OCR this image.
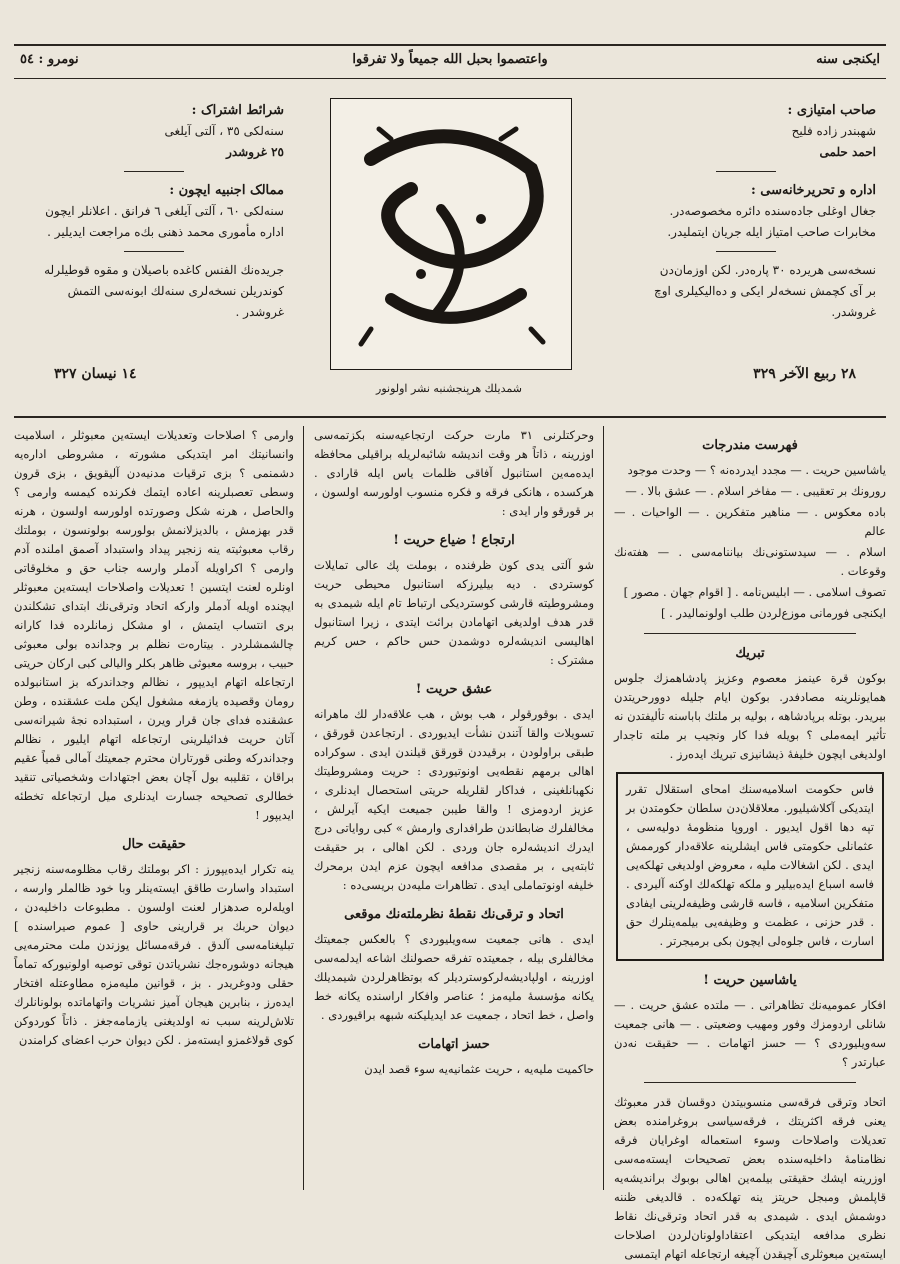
ایکنجی سنه
واعتصموا بحبل الله جمیعاً ولا تفرقوا
نومرو : ٥٤
صاحب امتیازی :
شهبندر زاده فلیح
احمد حلمی
اداره و تحریرخانه‌سی :
جغال اوغلی جاده‌سنده دائره مخصوصه‌در.
مخابرات صاحب امتیاز ایله جریان ایتملیدر.
نسخه‌سی هریرده ٣٠ پاره‌در. لکن اوزمان‌دن
بر آی کچمش نسخه‌لر ایکی و ده‌الیکیلری اوچ
غروشدر.
شمدیلك هرپنجشنبه نشر اولونور
شرائط اشتراک :
سنه‌لکی ٣٥ ، آلتی آیلغی
٢٥ غروشدر
ممالک اجنبیه ایچون :
سنه‌لکی ٦٠ ، آلتی آیلغی ٦ فرانق . اعلانلر ایچون
اداره مأمورى محمد ذهنی بك‌ه مراجعت ایدیلیر .
جریده‌نك الفنس کاغده باصیلان و مقوه قوطیلرله
کوندریلن نسخه‌لری سنه‌لك ابونه‌سی التمش
غروشدر .
٢٨ ربیع الآخر ٣٢٩
١٤ نیسان ٣٢٧
فهرست مندرجات
یاشاسین حریت . — مجدد ایدرده‌نه ؟ — وحدت موجود
رورونك بر تعقیبی . — مفاخر اسلام . — عشق بالا . —
باده معکوس . — مناهیر متفکرین . — الواحیات . — عالم
اسلام . — سیدستونی‌نك بیاننامه‌سی . — هفته‌نك وقوعات .
تصوف اسلامی . — ابلیس‌نامه . [ اقوام جهان . مصور ]
ایکنجی فورمانی موزع‌لردن طلب اولونمالیدر . ]
تبریك
بوکون قرة عینمز معصوم وعزیز پادشاهمزك جلوس همایونلرینه مصادفدر. بوکون ایام جلیله دوورحریتدن بیریدر. بوتله برپادشاهه ، بولیه بر ملتك باباسنه تألیفتدن نه تأثیر ایمه‌ملی ؟ بویله فدا کار ونجیب بر ملته تاجدار اولدیغی ایچون خلیفهٔ ذیشانیزی تبریك ایده‌رز .
فاس حکومت اسلامیه‌سنك امحای استقلال تقرر ایتدیکی آکلاشیلیور. معلاقلان‌دن سلطان حکومتدن بر تپه دها اقول ایدیور . اوروپا منظومهٔ دولیه‌سی ، عثمانلی حکومتی فاس ایشلرینه علاقه‌دار کورممش ایدی . لکن اشغالات ملیه ، معروض اولدیغی تهلکه‌یی فاسه اسباع ایده‌بیلیر و ملکه تهلکه‌لك اوکنه آلیردی . متفکرین اسلامیه ، فاسه قارشی وظیفه‌لرینی ایفادی . قدر حزنی ، عظمت و وظیفه‌یی بیلمه‌ینلرك حق اسارت ، فاس جلوه‌لی ایچون بکی برمیجرتر .
یاشاسین حریت !
افکار عمومیه‌نك تظاهراتی . — ملتده عشق حریت . — شانلی اردومزك وفور ومهیب وضعیتی . — هانی جمعیت سه‌ویلیوردی ؟ — حسز اتهامات . — حقیقت نه‌دن عبارتدر ؟
اتحاد وترقی فرقه‌سی منسوبیتدن دوقسان قدر معبوثك یعنی فرقه اکثریتك ، فرقه‌سیاسی بروغرامنده بعض تعدیلات واصلاحات وسوء استعماله اوغرایان فرقه نظامنامهٔ داخلیه‌سنده بعض تصحیحات ایسته‌مه‌سی اوزرینه ایشك حقیقتی بیلمه‌ین اهالی بوبوك براندیشه‌یه قاپلمش ومبجل حریتز ینه تهلکه‌ده . قالدیغی ظننه دوشمش ایدی . شیمدی به قدر اتحاد وترقی‌نك نقاط نظری مدافعه ایتدیکی اعتقاداولونان‌لردن اصلاحات ایسته‌ین مبعوثلری آچیقدن آچیغه ارتجاعله اتهام ایتمسی
وحرکتلرنی ٣١ مارت حرکت ارتجاعیه‌سنه بکزتمه‌سی اوزرینه ، ذاتاً هر وقت اندیشه شائبه‌لریله براقیلی محافظه ایده‌مه‌ین استانبول آفاقی ظلمات یاس ایله قارادی . هرکسده ، هانکی فرقه و فکره منسوب اولورسه اولسون ، بر قورقو وار ایدی :
ارتجاع ! ضیاع حریت !
شو آلتی یدی کون ظرفنده ، بوملت پك عالی تمایلات کوستردی . دیه بیلیرزکه استانبول محیطی حریت ومشروطیته قارشی کوستردیکی ارتباط تام ایله شیمدی به قدر هدف اولدیغی اتهامادن برائت ایتدی ، زیرا استانبول اهالیسی اندیشه‌لره دوشمدن حس حاکم ، حس کریم مشترک :
عشق حریت !
ایدی . بوقورقولر ، هب بوش ، هب علاقه‌دار لك ماهرانه تسویلات والقا آتندن نشأت ایدیوردی . ارتجاعدن قورقق ، طبقی براولودن ، برقیددن قورقق قیلندن ایدی . سوکراده اهالی برمهم نقطه‌یی اونوتیوردی : حریت ومشروطیتك نکهبانلغینی ، فداکار لقلریله حریتی استحصال ایدنلری ، عزیز اردومزی ! والقا طیبن جمیعت ایکیه آیرلش ، مخالفلرك ضابطاندن طرافداری وارمش » کبی روایاتی درج ایدرك اندیشه‌لره جان وردی . لکن اهالی ، بر حقیقت ثابته‌یی ، بر مقصدی مدافعه ایچون عزم ایدن برمحرك خلیفه اونوتماملی ایدی . تظاهرات ملیه‌دن بریسی‌ده :
اتحاد و ترقی‌نك نقطهٔ نظرملته‌نك موقعی
ایدی . هانی جمعیت سه‌ویلیوردی ؟ بالعکس جمعیتك مخالفلری بیله ، جمعیتده تفرقه حصولنك اشاعه ایدلمه‌سی اوزرینه ، اولپادیشه‌لرکوستردیلر که بوتظاهرلردن شیمدیلك یکانه مؤسسهٔ ملیه‌مز ؛ عناصر وافکار ارا‌سنده یکانه خط واصل ، خط اتحاد ، جمعیت عد ایدیلیکنه شبهه براقیوردی .
حسز اتهامات
حاکمیت ملیه‌یه ، حریت عثمانیه‌یه سوء قصد ایدن
وارمی ؟ اصلاحات وتعدیلات ایسته‌ین معبوثلر ، اسلامیت وانسانیتك امر ایتدیکی مشورته ، مشروطی اداره‌یه دشمنمی ؟ بزی ترقیات مدنیه‌دن آلیقویق ، بزی قرون وسطی تعصبلرینه اعاده ایتمك فکرنده کیمسه وارمی ؟ والحاصل ، هرنه شکل وصورتده اولورسه اولسون ، هرنه قدر بهزمش ، بالدیزلانمش بولورسه بولونسون ، بوملتك رقاب معبوثیته ینه زنجیر پیداد واستبداد آصمق املنده آدم وارمی ؟ اکراویله آدملر وارسه جناب حق و مخلوقاتی اونلره لعنت ایتسین ! تعدیلات واصلاحات ایسته‌ین معبوثلر ایچنده اویله آدملر وارکه اتحاد وترقی‌نك ابتدای تشکلندن بری انتساب ایتمش ، او مشکل زمانلرده فدا کارانه چالشمشلردر . بیتاره‌ت نظلم بر وجدانده بولی معبوثی حبیب ، بروسه معبوثی ظاهر بکلر والیالی کبی ارکان حریتی ارتجاعله اتهام ایدیپور ، نظالم وجداندرکه بز استانبولده رومان وقصیده یازمغه مشغول ایکن ملت عشقنده ، وطن عشقنده فدای جان قرار ویرن ، استبداده نجهٔ شیرانه‌سی آتان حریت فدائیلرینی ارتجاعله اتهام ایلیور ، نظالم وجداندرکه وطنی قورتاران محترم جمعیتك آمالی قمیاً عقیم براقان ، تقلیبه بول آچان بعض اجتهادات وشخصیاتی تنقید خطالری تصحیحه جسارت ایدنلری میل ارتجاعله تخطئه ایدیپور !
حقیقت حال
ینه تکرار ایده‌یپورز : اکر بوملتك رقاب مظلومه‌سنه زنجیر استبداد واسارت طاقق ایسته‌ینلر وبا خود ظالملر وارسه ، اویله‌لره صدهزار لعنت اولسون . مطبوعات داخلیه‌دن ، دیوان حربك بر قرارینی حاوی [ عموم صیراسنده ] تبلیغنامه‌سی آلدق . فرقه‌مسائل یوزندن ملت محترمه‌یی هیجانه دوشوره‌جك نشریاتدن توقی توصیه اولونیورکه تماماً حقلی ودوغریدر . بز ، قوانین ملیه‌مزه مطاوعتله افتخار ایده‌رز ، بنابرین هیجان آمیز نشریات واتهاماتده بولونانلرك تلاش‌لرینه سبب نه اولدیغنی یازمامه‌جغز . ذاتاً کوردوکن کوی قولاغمزو ایسته‌مز . لکن دیوان حرب اعضای کرامندن
